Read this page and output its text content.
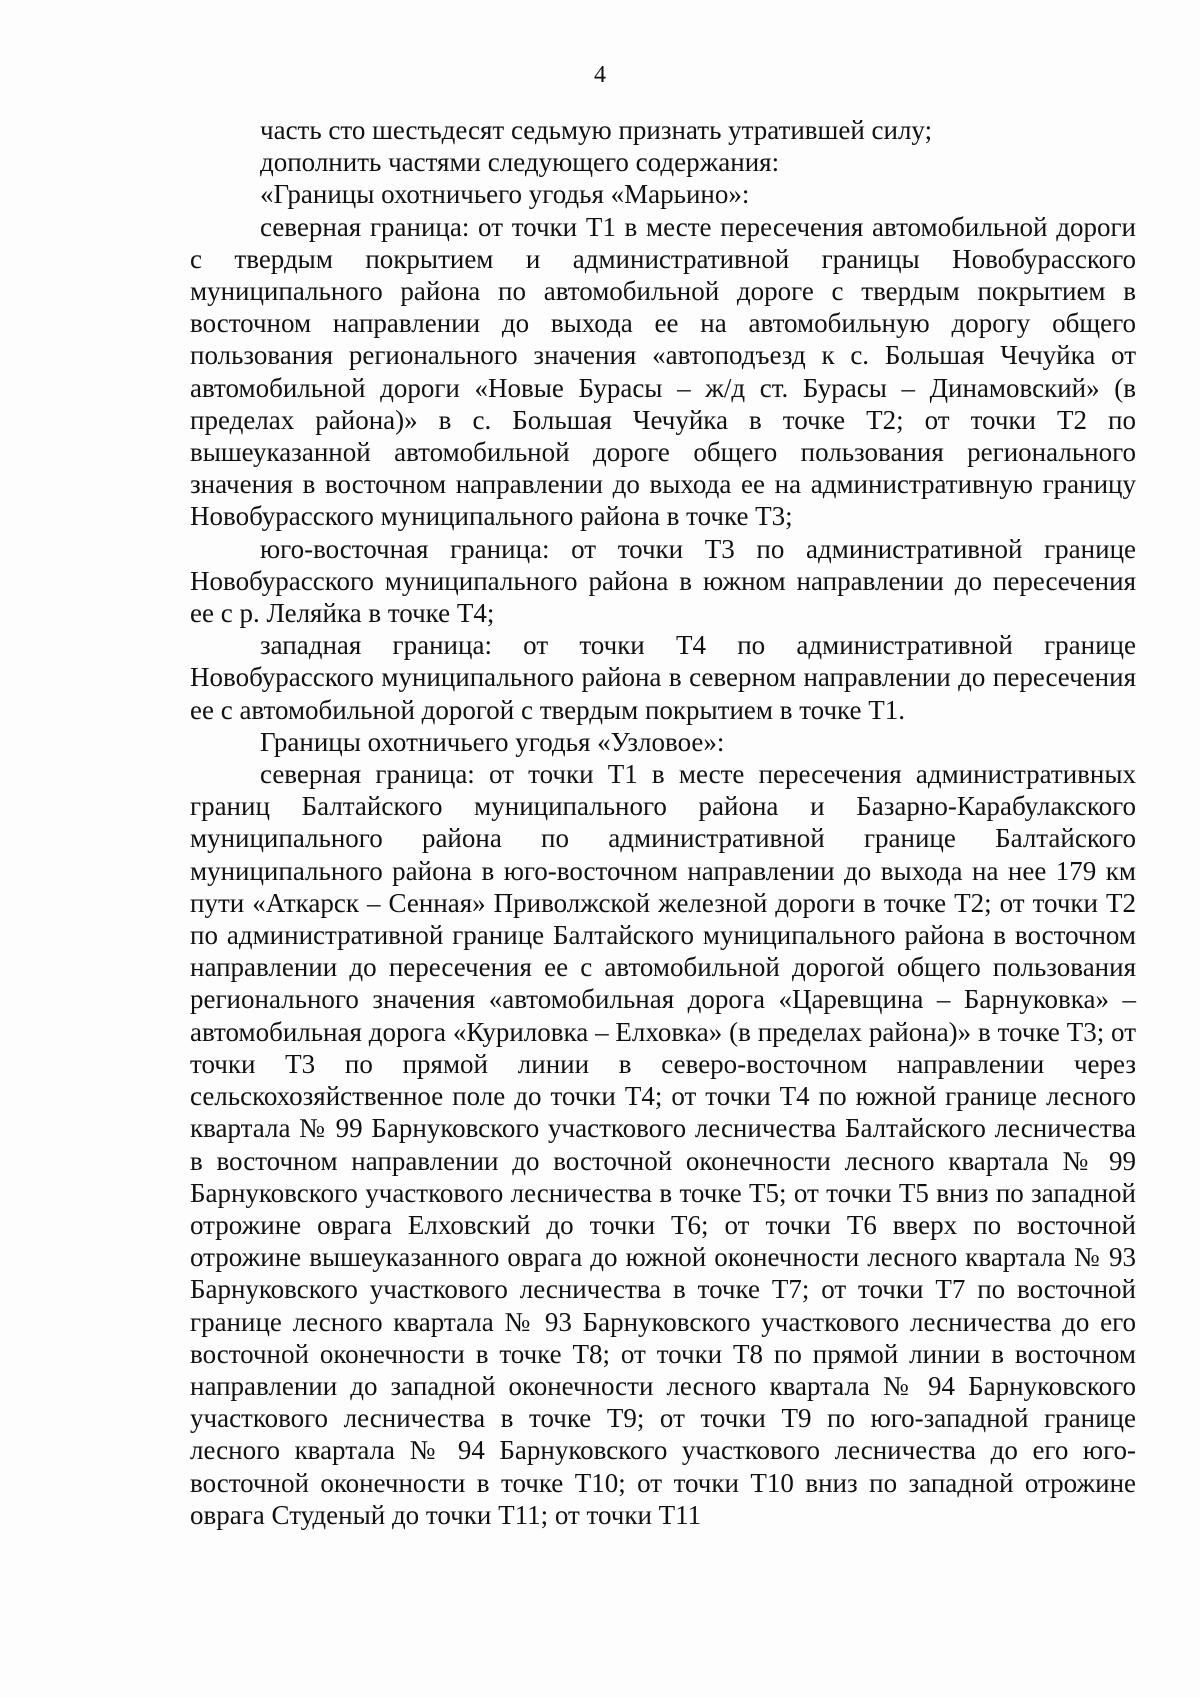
4

часть сто шестьдесят седьмую признать утратившей силу;

дополнить частями следующего содержания:

«Границы охотничьего угодья «Марьино»:

северная граница: от точки Т1 в месте пересечения автомобильной дороги с твердым покрытием и административной границы Новобурасского муниципального района по автомобильной дороге с твердым покрытием в восточном направлении до выхода ее на автомобильную дорогу общего пользования регионального значения «автоподъезд к с. Большая Чечуйка от автомобильной дороги «Новые Бурасы – ж/д ст. Бурасы – Динамовский» (в пределах района)» в с. Большая Чечуйка в точке Т2; от точки Т2 по вышеуказанной автомобильной дороге общего пользования регионального значения в восточном направлении до выхода ее на административную границу Новобурасского муниципального района в точке Т3;

юго-восточная граница: от точки Т3 по административной границе Новобурасского муниципального района в южном направлении до пересечения ее с р. Леляйка в точке Т4;

западная граница: от точки Т4 по административной границе Новобурасского муниципального района в северном направлении до пересечения ее с автомобильной дорогой с твердым покрытием в точке Т1.

Границы охотничьего угодья «Узловое»:

северная граница: от точки Т1 в месте пересечения административных границ Балтайского муниципального района и Базарно-Карабулакского муниципального района по административной границе Балтайского муниципального района в юго-восточном направлении до выхода на нее 179 км пути «Аткарск – Сенная» Приволжской железной дороги в точке Т2; от точки Т2 по административной границе Балтайского муниципального района в восточном направлении до пересечения ее с автомобильной дорогой общего пользования регионального значения «автомобильная дорога «Царевщина – Барнуковка» – автомобильная дорога «Куриловка – Елховка» (в пределах района)» в точке Т3; от точки Т3 по прямой линии в северо-восточном направлении через сельскохозяйственное поле до точки Т4; от точки Т4 по южной границе лесного квартала № 99 Барнуковского участкового лесничества Балтайского лесничества в восточном направлении до восточной оконечности лесного квартала № 99 Барнуковского участкового лесничества в точке Т5; от точки Т5 вниз по западной отрожине оврага Елховский до точки Т6; от точки Т6 вверх по восточной отрожине вышеуказанного оврага до южной оконечности лесного квартала № 93 Барнуковского участкового лесничества в точке Т7; от точки Т7 по восточной границе лесного квартала № 93 Барнуковского участкового лесничества до его восточной оконечности в точке Т8; от точки Т8 по прямой линии в восточном направлении до западной оконечности лесного квартала № 94 Барнуковского участкового лесничества в точке Т9; от точки Т9 по юго-западной границе лесного квартала № 94 Барнуковского участкового лесничества до его юго-восточной оконечности в точке Т10; от точки Т10 вниз по западной отрожине оврага Студеный до точки Т11; от точки Т11
